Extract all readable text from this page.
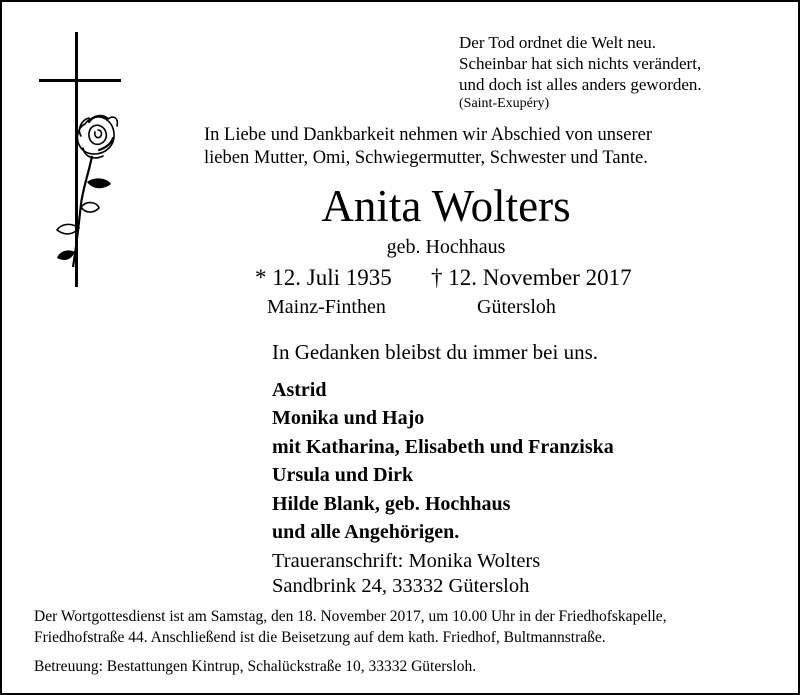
Der Tod ordnet die Welt neu.
Scheinbar hat sich nichts verändert,
und doch ist alles anders geworden.
(Saint-Exupéry)
In Liebe und Dankbarkeit nehmen wir Abschied von unserer
lieben Mutter, Omi, Schwiegermutter, Schwester und Tante.
Anita Wolters
geb. Hochhaus
* 12. Juli 1935 † 12. November 2017
Mainz-Finthen	Gütersloh
In Gedanken bleibst du immer bei uns.
Astrid
Monika und Hajo
mit Katharina, Elisabeth und Franziska
Ursula und Dirk
Hilde Blank, geb. Hochhaus
und alle Angehörigen.
Traueranschrift: Monika Wolters
Sandbrink 24, 33332 Gütersloh
Der Wortgottesdienst ist am Samstag, den 18. November 2017, um 10.00 Uhr in der Friedhofskapelle,
Friedhofstraße 44. Anschließend ist die Beisetzung auf dem kath. Friedhof, Bultmannstraße.
Betreuung: Bestattungen Kintrup, Schalückstraße 10, 33332 Gütersloh.
